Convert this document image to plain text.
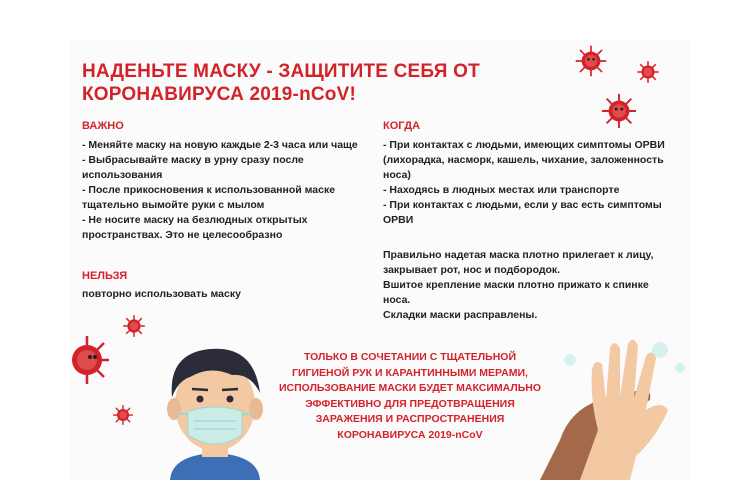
НАДЕНЬТЕ МАСКУ - ЗАЩИТИТЕ СЕБЯ ОТ КОРОНАВИРУСА 2019-nCoV!
ВАЖНО
- Меняйте маску на новую каждые 2-3 часа или чаще
- Выбрасывайте маску в урну сразу после использования
- После прикосновения к использованной маске тщательно вымойте руки с мылом
- Не носите маску на безлюдных открытых пространствах. Это не целесообразно
НЕЛЬЗЯ

повторно использовать маску

КОГДА
- При контактах с людьми, имеющих симптомы ОРВИ (лихорадка, насморк, кашель, чихание, заложенность носа)
- Находясь в людных местах или транспорте
- При контактах с людьми, если у вас есть симптомы ОРВИ
Правильно надетая маска плотно прилегает к лицу, закрывает рот, нос и подбородок.
Вшитое крепление маски плотно прижато к спинке носа.
Складки маски расправлены.
ТОЛЬКО В СОЧЕТАНИИ С ТЩАТЕЛЬНОЙ ГИГИЕНОЙ РУК И КАРАНТИННЫМИ МЕРАМИ, ИСПОЛЬЗОВАНИЕ МАСКИ БУДЕТ МАКСИМАЛЬНО ЭФФЕКТИВНО ДЛЯ ПРЕДОТВРАЩЕНИЯ ЗАРАЖЕНИЯ И РАСПРОСТРАНЕНИЯ КОРОНАВИРУСА 2019-nCoV
